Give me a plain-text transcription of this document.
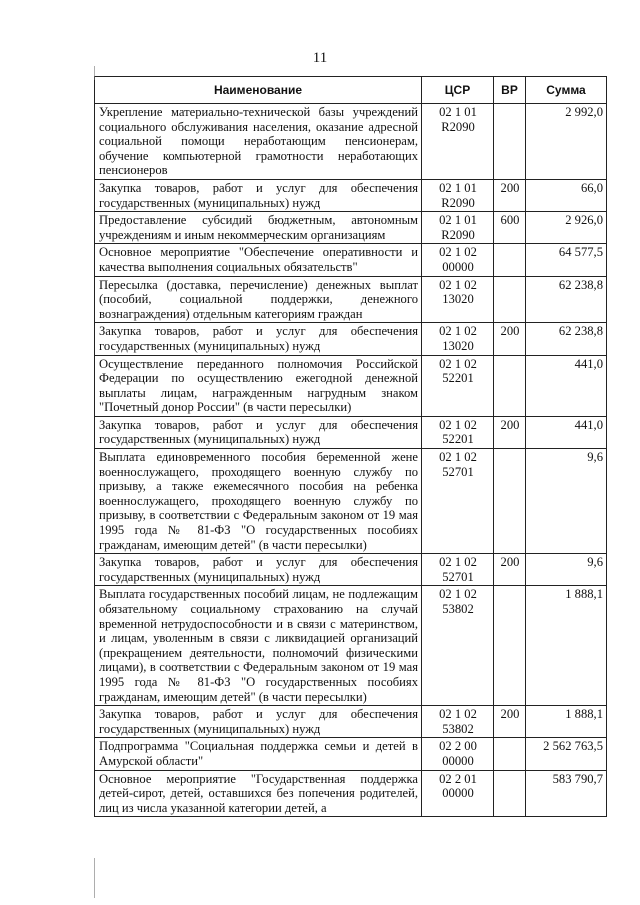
11
Наименование	ЦСР	ВР	Сумма
Укрепление материально-технической базы учреждений социального обслуживания населения, оказание адресной социальной помощи неработающим пенсионерам, обучение компьютерной грамотности неработающих пенсионеров	02 1 01
R2090		2 992,0
Закупка товаров, работ и услуг для обеспечения государственных (муниципальных) нужд	02 1 01
R2090	200	66,0
Предоставление субсидий бюджетным, автономным учреждениям и иным некоммерческим организациям	02 1 01
R2090	600	2 926,0
Основное мероприятие "Обеспечение оперативности и качества выполнения социальных обязательств"	02 1 02
00000		64 577,5
Пересылка (доставка, перечисление) денежных выплат (пособий, социальной поддержки, денежного вознаграждения) отдельным категориям граждан	02 1 02
13020		62 238,8
Закупка товаров, работ и услуг для обеспечения государственных (муниципальных) нужд	02 1 02
13020	200	62 238,8
Осуществление переданного полномочия Российской Федерации по осуществлению ежегодной денежной выплаты лицам, награжденным нагрудным знаком "Почетный донор России" (в части пересылки)	02 1 02
52201		441,0
Закупка товаров, работ и услуг для обеспечения государственных (муниципальных) нужд	02 1 02
52201	200	441,0
Выплата единовременного пособия беременной жене военнослужащего, проходящего военную службу по призыву, а также ежемесячного пособия на ребенка военнослужащего, проходящего военную службу по призыву, в соответствии с Федеральным законом от 19 мая 1995 года № 81-ФЗ "О государственных пособиях гражданам, имеющим детей" (в части пересылки)	02 1 02
52701		9,6
Закупка товаров, работ и услуг для обеспечения государственных (муниципальных) нужд	02 1 02
52701	200	9,6
Выплата государственных пособий лицам, не подлежащим обязательному социальному страхованию на случай временной нетрудоспособности и в связи с материнством, и лицам, уволенным в связи с ликвидацией организаций (прекращением деятельности, полномочий физическими лицами), в соответствии с Федеральным законом от 19 мая 1995 года № 81-ФЗ "О государственных пособиях гражданам, имеющим детей" (в части пересылки)	02 1 02
53802		1 888,1
Закупка товаров, работ и услуг для обеспечения государственных (муниципальных) нужд	02 1 02
53802	200	1 888,1
Подпрограмма "Социальная поддержка семьи и детей в Амурской области"	02 2 00
00000		2 562 763,5
Основное мероприятие "Государственная поддержка детей-сирот, детей, оставшихся без попечения родителей, лиц из числа указанной категории детей, а	02 2 01
00000		583 790,7
